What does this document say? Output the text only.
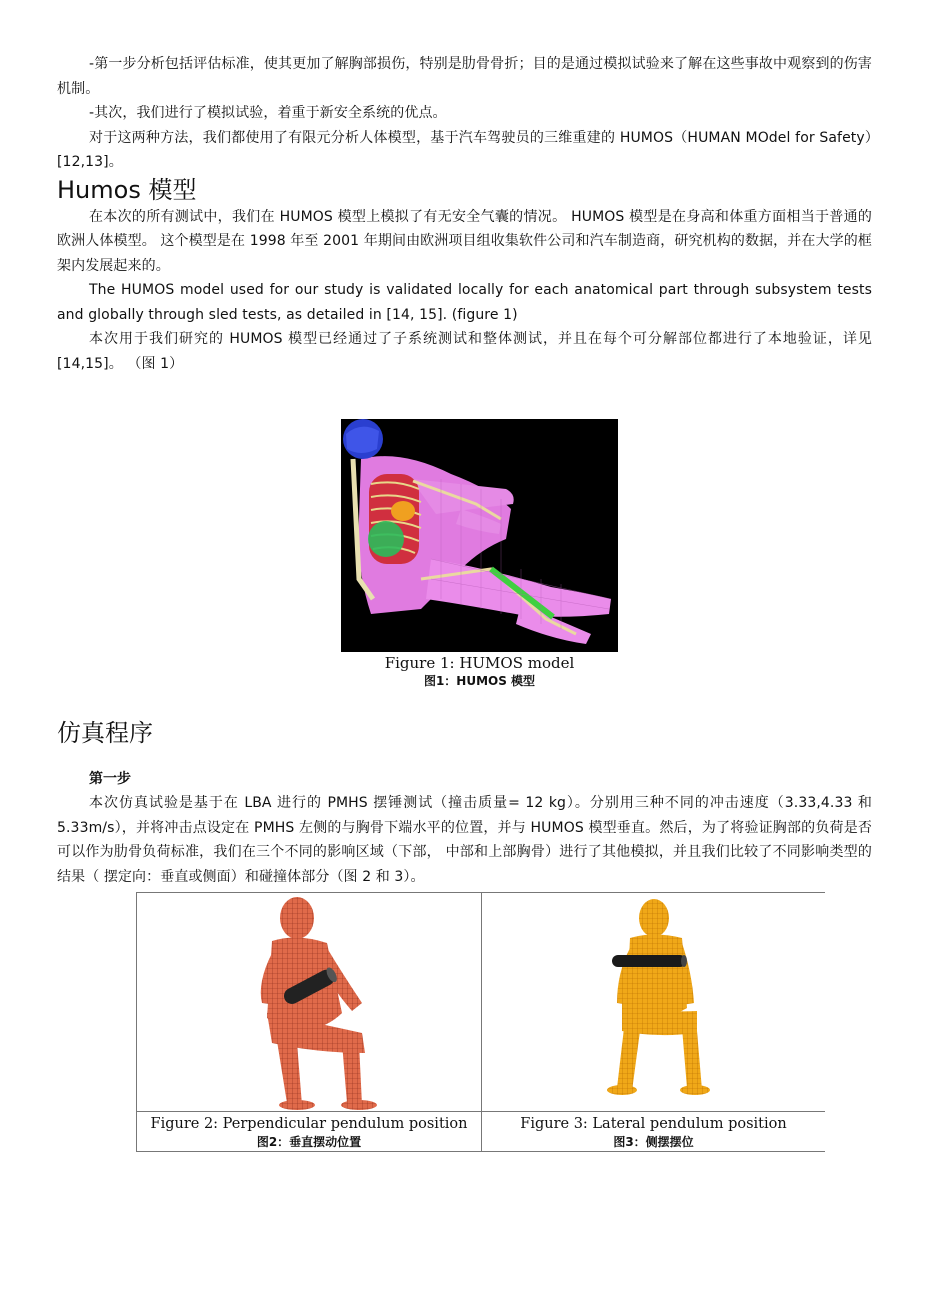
-第一步分析包括评估标准，使其更加了解胸部损伤，特别是肋骨骨折；目的是通过模拟试验来了解在这些事故中观察到的伤害机制。

-其次，我们进行了模拟试验，着重于新安全系统的优点。

对于这两种方法，我们都使用了有限元分析人体模型，基于汽车驾驶员的三维重建的 HUMOS（HUMAN MOdel for Safety）[12,13]。

Humos 模型

在本次的所有测试中，我们在 HUMOS 模型上模拟了有无安全气囊的情况。 HUMOS 模型是在身高和体重方面相当于普通的欧洲人体模型。 这个模型是在 1998 年至 2001 年期间由欧洲项目组收集软件公司和汽车制造商，研究机构的数据，并在大学的框架内发展起来的。

The HUMOS model used for our study is validated locally for each anatomical part through subsystem tests and globally through sled tests, as detailed in [14, 15]. (figure 1)

本次用于我们研究的 HUMOS 模型已经通过了子系统测试和整体测试，并且在每个可分解部位都进行了本地验证，详见[14,15]。 （图 1）

Figure 1: HUMOS model
图1：HUMOS 模型
仿真程序
第一步

本次仿真试验是基于在 LBA 进行的 PMHS 摆锤测试（撞击质量= 12 kg）。分别用三种不同的冲击速度（3.33,4.33 和 5.33m/s），并将冲击点设定在 PMHS 左侧的与胸骨下端水平的位置，并与 HUMOS 模型垂直。然后，为了将验证胸部的负荷是否可以作为肋骨负荷标准，我们在三个不同的影响区域（下部， 中部和上部胸骨）进行了其他模拟，并且我们比较了不同影响类型的结果（ 摆定向：垂直或侧面）和碰撞体部分（图 2 和 3）。

Figure 2: Perpendicular pendulum position
图2：垂直摆动位置
Figure 3: Lateral pendulum position
图3：侧摆摆位
